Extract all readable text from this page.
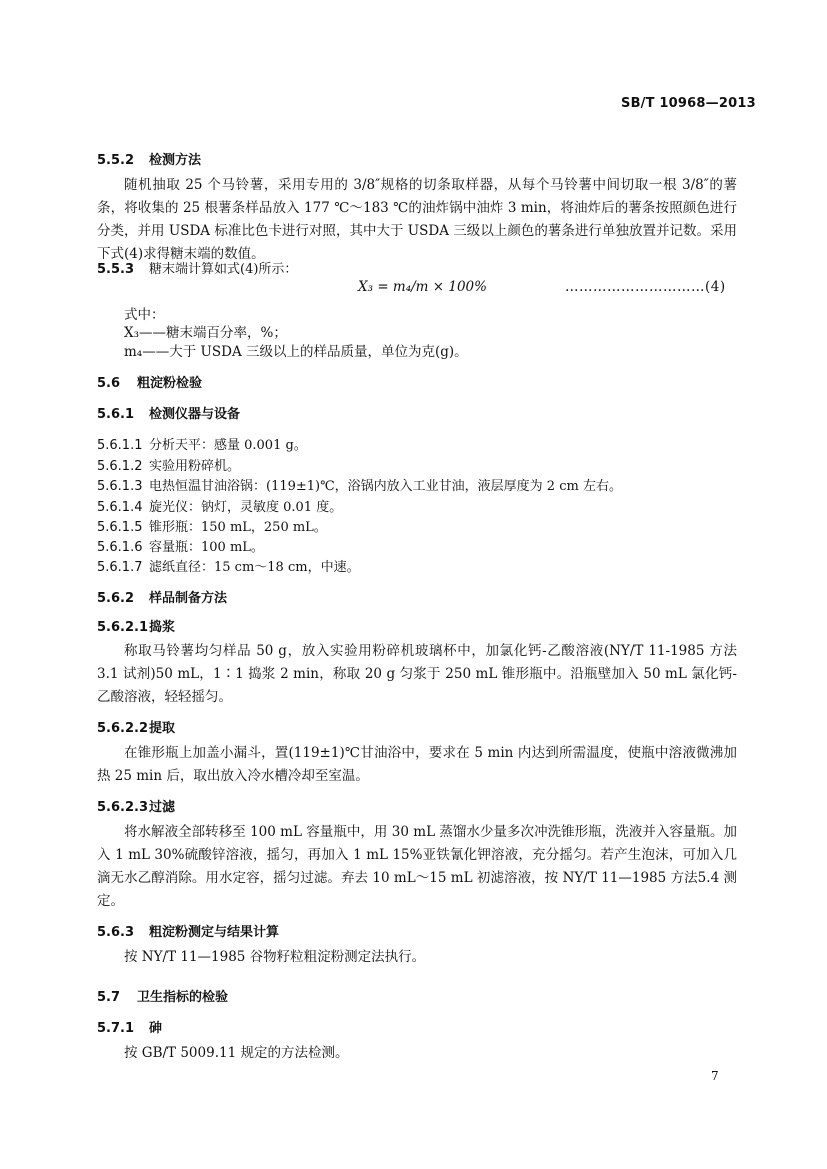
SB/T 10968—2013
5.5.2 检测方法
随机抽取 25 个马铃薯，采用专用的 3/8″规格的切条取样器，从每个马铃薯中间切取一根 3/8″的薯条，将收集的 25 根薯条样品放入 177 ℃～183 ℃的油炸锅中油炸 3 min，将油炸后的薯条按照颜色进行分类，并用 USDA 标准比色卡进行对照，其中大于 USDA 三级以上颜色的薯条进行单独放置并记数。采用下式(4)求得糖末端的数值。
5.5.3 糖末端计算如式(4)所示：
X₃ = m₄/m × 100%	…………………………(4)
式中：
X₃——糖末端百分率，%；
m₄——大于 USDA 三级以上的样品质量，单位为克(g)。
5.6 粗淀粉检验
5.6.1 检测仪器与设备
5.6.1.1 分析天平：感量 0.001 g。
5.6.1.2 实验用粉碎机。
5.6.1.3 电热恒温甘油浴锅：(119±1)℃，浴锅内放入工业甘油，液层厚度为 2 cm 左右。
5.6.1.4 旋光仪：钠灯，灵敏度 0.01 度。
5.6.1.5 锥形瓶：150 mL，250 mL。
5.6.1.6 容量瓶：100 mL。
5.6.1.7 滤纸直径：15 cm～18 cm，中速。
5.6.2 样品制备方法
5.6.2.1捣浆
称取马铃薯均匀样品 50 g，放入实验用粉碎机玻璃杯中，加氯化钙-乙酸溶液(NY/T 11-1985 方法 3.1 试剂)50 mL，1∶1 捣浆 2 min，称取 20 g 匀浆于 250 mL 锥形瓶中。沿瓶壁加入 50 mL 氯化钙-乙酸溶液，轻轻摇匀。
5.6.2.2提取
在锥形瓶上加盖小漏斗，置(119±1)℃甘油浴中，要求在 5 min 内达到所需温度，使瓶中溶液微沸加热 25 min 后，取出放入冷水槽冷却至室温。
5.6.2.3过滤
将水解液全部转移至 100 mL 容量瓶中，用 30 mL 蒸馏水少量多次冲洗锥形瓶，洗液并入容量瓶。加入 1 mL 30%硫酸锌溶液，摇匀，再加入 1 mL 15%亚铁氰化钾溶液，充分摇匀。若产生泡沫，可加入几滴无水乙醇消除。用水定容，摇匀过滤。弃去 10 mL～15 mL 初滤溶液，按 NY/T 11—1985 方法5.4 测定。
5.6.3 粗淀粉测定与结果计算
按 NY/T 11—1985 谷物籽粒粗淀粉测定法执行。
5.7 卫生指标的检验
5.7.1 砷
按 GB/T 5009.11 规定的方法检测。
7
